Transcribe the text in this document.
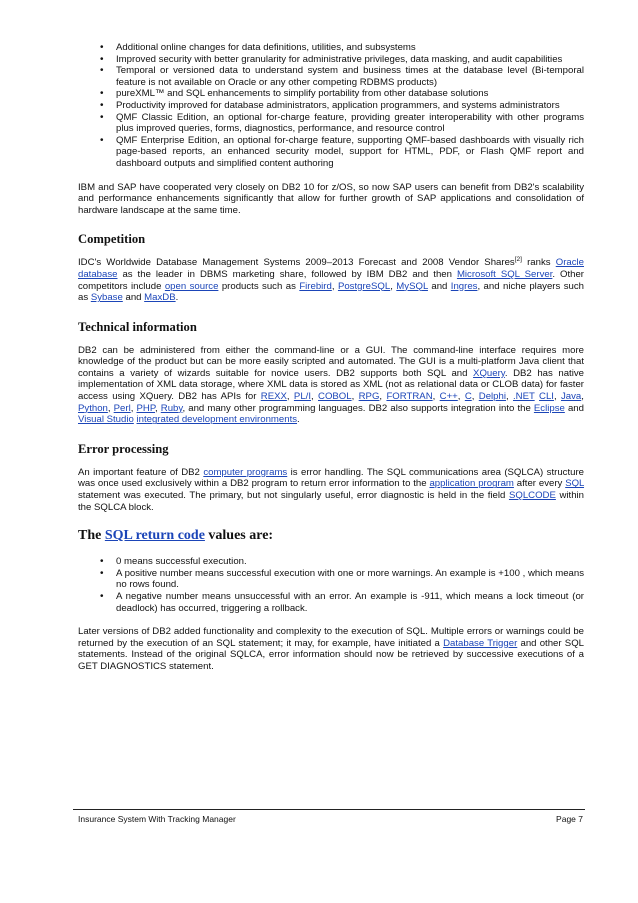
• Additional online changes for data definitions, utilities, and subsystems
• Improved security with better granularity for administrative privileges, data masking, and audit capabilities
• Temporal or versioned data to understand system and business times at the database level (Bi-temporal feature is not available on Oracle or any other competing RDBMS products)
• pureXML™ and SQL enhancements to simplify portability from other database solutions
• Productivity improved for database administrators, application programmers, and systems administrators
• QMF Classic Edition, an optional for-charge feature, providing greater interoperability with other programs plus improved queries, forms, diagnostics, performance, and resource control
• QMF Enterprise Edition, an optional for-charge feature, supporting QMF-based dashboards with visually rich page-based reports, an enhanced security model, support for HTML, PDF, or Flash QMF report and dashboard outputs and simplified content authoring

IBM and SAP have cooperated very closely on DB2 10 for z/OS, so now SAP users can benefit from DB2's scalability and performance enhancements significantly that allow for further growth of SAP applications and consolidation of hardware landscape at the same time.

Competition

IDC's Worldwide Database Management Systems 2009–2013 Forecast and 2008 Vendor Shares[2] ranks Oracle database as the leader in DBMS marketing share, followed by IBM DB2 and then Microsoft SQL Server. Other competitors include open source products such as Firebird, PostgreSQL, MySQL and Ingres, and niche players such as Sybase and MaxDB.

Technical information

DB2 can be administered from either the command-line or a GUI. The command-line interface requires more knowledge of the product but can be more easily scripted and automated. The GUI is a multi-platform Java client that contains a variety of wizards suitable for novice users. DB2 supports both SQL and XQuery. DB2 has native implementation of XML data storage, where XML data is stored as XML (not as relational data or CLOB data) for faster access using XQuery. DB2 has APIs for REXX, PL/I, COBOL, RPG, FORTRAN, C++, C, Delphi, .NET CLI, Java, Python, Perl, PHP, Ruby, and many other programming languages. DB2 also supports integration into the Eclipse and Visual Studio integrated development environments.

Error processing

An important feature of DB2 computer programs is error handling. The SQL communications area (SQLCA) structure was once used exclusively within a DB2 program to return error information to the application program after every SQL statement was executed. The primary, but not singularly useful, error diagnostic is held in the field SQLCODE within the SQLCA block.

The SQL return code values are:
• 0 means successful execution.
• A positive number means successful execution with one or more warnings. An example is +100 , which means no rows found.
• A negative number means unsuccessful with an error. An example is -911, which means a lock timeout (or deadlock) has occurred, triggering a rollback.

Later versions of DB2 added functionality and complexity to the execution of SQL. Multiple errors or warnings could be returned by the execution of an SQL statement; it may, for example, have initiated a Database Trigger and other SQL statements. Instead of the original SQLCA, error information should now be retrieved by successive executions of a GET DIAGNOSTICS statement.

Insurance System With Tracking Manager	Page 7
